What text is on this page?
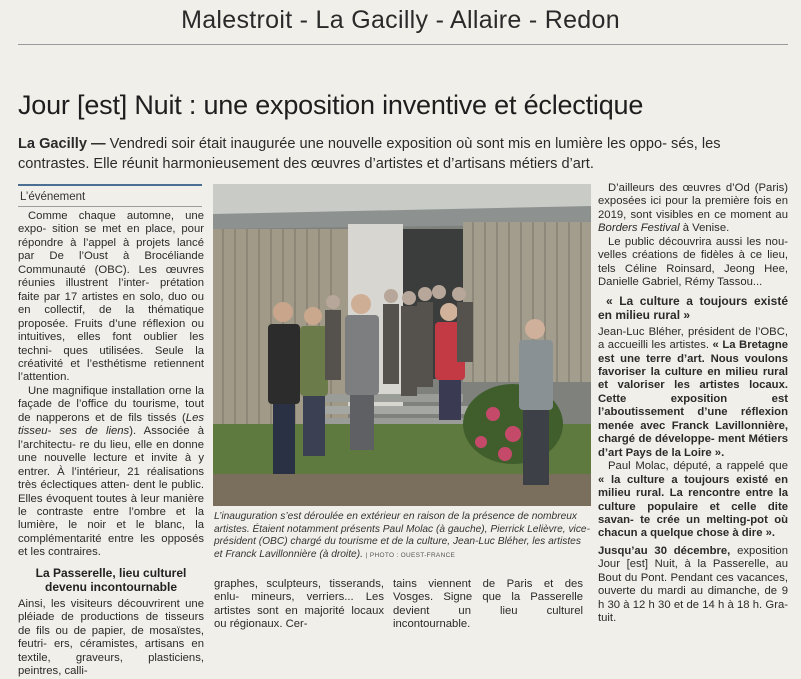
Malestroit - La Gacilly - Allaire - Redon
Jour [est] Nuit : une exposition inventive et éclectique
La Gacilly — Vendredi soir était inaugurée une nouvelle exposition où sont mis en lumière les oppo- sés, les contrastes. Elle réunit harmonieusement des œuvres d’artistes et d’artisans métiers d’art.
L’événement

Comme chaque automne, une expo- sition se met en place, pour répondre à l’appel à projets lancé par De l’Oust à Brocéliande Communauté (OBC). Les œuvres réunies illustrent l’inter- prétation faite par 17 artistes en solo, duo ou en collectif, de la thématique proposée. Fruits d’une réflexion ou intuitives, elles font oublier les techni- ques utilisées. Seule la créativité et l’esthétisme retiennent l’attention.

Une magnifique installation orne la façade de l’office du tourisme, tout de napperons et de fils tissés (Les tisseu- ses de liens). Associée à l’architectu- re du lieu, elle en donne une nouvelle lecture et invite à y entrer. À l’intérieur, 21 réalisations très éclectiques atten- dent le public. Elles évoquent toutes à leur manière le contraste entre l’ombre et la lumière, le noir et le blanc, la complémentarité entre les opposés et les contraires.

La Passerelle, lieu culturel devenu incontournable

Ainsi, les visiteurs découvrirent une pléiade de productions de tisseurs de fils ou de papier, de mosaïstes, feutri- ers, céramistes, artisans en textile, graveurs, plasticiens, peintres, calli-

L’inauguration s’est déroulée en extérieur en raison de la présence de nombreux artistes. Étaient notamment présents Paul Molac (à gauche), Pierrick Lelièvre, vice-président (OBC) chargé du tourisme et de la culture, Jean-Luc Bléher, les artistes et Franck Lavillonnière (à droite). | PHOTO : OUEST-FRANCE

graphes, sculpteurs, tisserands, enlu- mineurs, verriers... Les artistes sont en majorité locaux ou régionaux. Cer-

tains viennent de Paris et des Vosges. Signe que la Passerelle devient un lieu culturel incontournable.

D’ailleurs des œuvres d’Od (Paris) exposées ici pour la première fois en 2019, sont visibles en ce moment au Borders Festival à Venise.

Le public découvrira aussi les nou- velles créations de fidèles à ce lieu, tels Céline Roinsard, Jeong Hee, Danielle Gabriel, Rémy Tassou...

« La culture a toujours existé en milieu rural »

Jean-Luc Bléher, président de l’OBC, a accueilli les artistes. « La Bretagne est une terre d’art. Nous voulons favoriser la culture en milieu rural et valoriser les artistes locaux. Cette exposition est l’aboutissement d’une réflexion menée avec Franck Lavillonnière, chargé de développe- ment Métiers d’art Pays de la Loire ».

Paul Molac, député, a rappelé que « la culture a toujours existé en milieu rural. La rencontre entre la culture populaire et celle dite savan- te crée un melting-pot où chacun a quelque chose à dire ».

Jusqu’au 30 décembre, exposition Jour [est] Nuit, à la Passerelle, au Bout du Pont. Pendant ces vacances, ouverte du mardi au dimanche, de 9 h 30 à 12 h 30 et de 14 h à 18 h. Gra- tuit.
